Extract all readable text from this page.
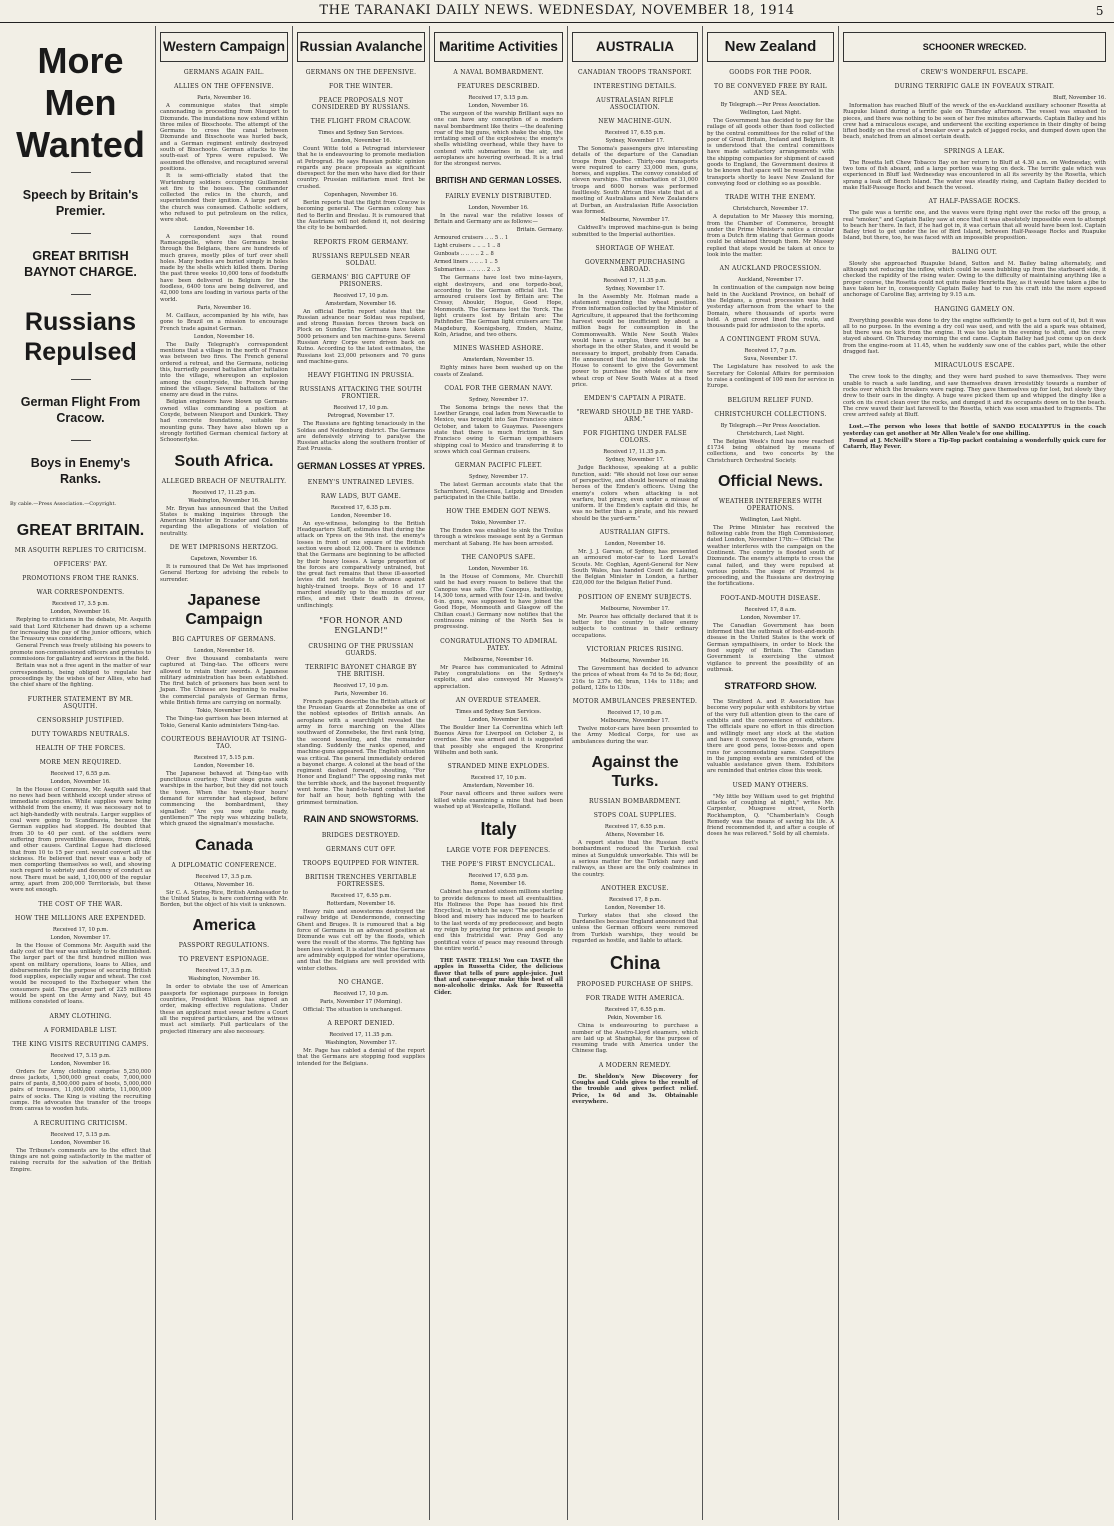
THE TARANAKI DAILY NEWS. WEDNESDAY, NOVEMBER 18, 1914	5
More Men Wanted
Speech by Britain's Premier.
GREAT BRITISH BAYNOT CHARGE.
Russians Repulsed
German Flight From Cracow.
Boys in Enemy's Ranks.
By cable.—Press Association.—Copyright.
GREAT BRITAIN.
MR ASQUITH REPLIES TO CRITICISM.
OFFICERS' PAY.
PROMOTIONS FROM THE RANKS.
WAR CORRESPONDENTS.
Received 17, 3.5 p.m.
London, November 16.

Replying to criticisms in the debate, Mr. Asquith said that Lord Kitchener had drawn up a scheme for increasing the pay of the junior officers, which the Treasury was considering.

General French was freely utilising his powers to promote non-commissioned officers and privates to commissions for gallantry and services in the field.

Britain was not a free agent in the matter of war correspondents, being obliged to regulate her proceedings by the wishes of her Allies, who had the chief share of the fighting.

FURTHER STATEMENT BY MR. ASQUITH.
CENSORSHIP JUSTIFIED.
DUTY TOWARDS NEUTRALS.
HEALTH OF THE FORCES.
MORE MEN REQUIRED.
Received 17, 6.55 p.m.
London, November 16.

In the House of Commons, Mr. Asquith said that no news had been withheld except under stress of immediate exigencies. While supplies were being withheld from the enemy, it was necessary not to act high-handedly with neutrals. Larger supplies of coal were going to Scandinavia, because the German supplies had stopped. He doubted that from 30 to 40 per cent. of the soldiers were suffering from preventible diseases, from drink, and other causes. Cardinal Logue had disclosed that from 10 to 15 per cent. would convert all the sickness. He believed that never was a body of men comporting themselves so well, and showing such regard to sobriety and decency of conduct as now. There must be said, 1,100,000 of the regular army, apart from 200,000 Territorials, but these were not enough.

THE COST OF THE WAR.
HOW THE MILLIONS ARE EXPENDED.
Received 17, 10 p.m.
London, November 17.

In the House of Commons Mr. Asquith said the daily cost of the war was unlikely to be diminished. The larger part of the first hundred million was spent on military operations, loans to Allies, and disbursements for the purpose of securing British food supplies, especially sugar and wheat. The cost would be recouped to the Exchequer when the consumers paid. The greater part of 225 millions would be spent on the Army and Navy, but 45 millions consisted of loans.

ARMY CLOTHING.
A FORMIDABLE LIST.
THE KING VISITS RECRUITING CAMPS.
Received 17, 5.15 p.m.
London, November 16.

Orders for Army clothing comprise 5,250,000 dress jackets, 1,500,000 great coats, 7,000,000 pairs of pants, 8,500,000 pairs of boots, 5,000,000 pairs of trousers, 11,000,000 shirts, 11,000,000 pairs of socks. The King is visiting the recruiting camps. He advocates the transfer of the troops from canvas to wooden huts.

A RECRUITING CRITICISM.
Received 17, 5.15 p.m.
London, November 16.

The Tribune's comments are to the effect that things are not going satisfactorily in the matter of raising recruits for the salvation of the British Empire.

Western Campaign
GERMANS AGAIN FAIL.
ALLIES ON THE OFFENSIVE.
Paris, November 16.

A communique states that simple cannonading is proceeding from Nieuport to Dixmunde. The inundations now extend within three miles of Bixschoote. The attempt of the Germans to cross the canal between Dixmunde and Bixschoote was hurled back, and a German regiment entirely destroyed south of Bixschoote. German attacks to the south-east of Ypres were repulsed. We assumed the offensive, and recaptured several positions.

It is semi-officially stated that the Wurtemburg soldiers occupying Guillemont set fire to the houses. The commander collected the relics in the church, and superintended their ignition. A large part of the church was consumed. Catholic soldiers, who refused to put petroleum on the relics, were shot.

London, November 16.

A correspondent says that round Ramscappelle, where the Germans broke through the Belgians, there are hundreds of much graves, mostly piles of turf over shell holes. Many bodies are buried simply in holes made by the shells which killed them. During the past three weeks 10,000 tons of foodstuffs have been delivered in Belgium for the foodless, 6400 tons are being delivered, and 42,000 tons are loading in various parts of the world.

Paris, November 16.

M. Caillaux, accompanied by his wife, has gone to Brazil on a mission to encourage French trade against German.

London, November 16.

The Daily Telegraph's correspondent mentions that a village in the north of France was between two fires. The French general ordered a retreat, and the Germans, noticing this, hurriedly poured battalion after battalion into the village, whereupon an explosion among the countryside, the French having mined the village. Several battalions of the enemy are dead in the ruins.

Belgian engineers have blown up German-owned villas commanding a position at Coxyde, between Nieuport and Dunkirk. They had concrete foundations, suitable for mounting guns. They have also blown up a strongly fortified German chemical factory at Schoonerlyke.

South Africa.
ALLEGED BREACH OF NEUTRALITY.
Received 17, 11.25 p.m.
Washington, November 16.

Mr. Bryan has announced that the United States is making inquiries through the American Minister in Ecuador and Colombia regarding the allegations of violation of neutrality.

DE WET IMPRISONS HERTZOG.
Capetown, November 16.

It is rumoured that De Wet has imprisoned General Hertzog for advising the rebels to surrender.

Japanese Campaign
BIG CAPTURES OF GERMANS.
London, November 16.

Over five thousand combatants were captured at Tsing-tao. The officers were allowed to retain their swords. A Japanese military administration has been established. The first batch of prisoners has been sent to Japan. The Chinese are beginning to realise the commercial paralysis of German firms, while British firms are carrying on normally.

Tokio, November 16.

The Tsing-tao garrison has been interned at Tokio, General Kanio administers Tsing-tao.

COURTEOUS BEHAVIOUR AT TSING-TAO.
Received 17, 5.15 p.m.
London, November 16.

The Japanese behaved at Tsing-tao with punctilious courtesy. Their siege guns sank warships in the harbor, but they did not touch the town. When the twenty-four hours' demand for surrender had elapsed, before commencing the bombardment, they signalled: "Are you now quite ready, gentlemen?" The reply was whizzing bullets, which grazed the signalman's moustache.

Canada
A DIPLOMATIC CONFERENCE.
Received 17, 3.5 p.m.
Ottawa, November 16.

Sir C. A. Spring-Rice, British Ambassador to the United States, is here conferring with Mr. Borden, but the object of his visit is unknown.

America
PASSPORT REGULATIONS.
TO PREVENT ESPIONAGE.
Received 17, 3.5 p.m.
Washington, November 16.

In order to obviate the use of American passports for espionage purposes in foreign countries, President Wilson has signed an order, making effective regulations. Under these an applicant must swear before a Court all the required particulars, and the witness must act similarly. Full particulars of the projected itinerary are also necessary.

Russian Avalanche
GERMANS ON THE DEFENSIVE.
FOR THE WINTER.
PEACE PROPOSALS NOT CONSIDERED BY RUSSIANS.
THE FLIGHT FROM CRACOW.
Times and Sydney Sun Services.
London, November 16.

Count Witte told a Petrograd interviewer that he is endeavouring to promote mediation at Petrograd. He says Russian public opinion regards any peace proposals as significant disrespect for the men who have died for their country. Prussian militarism must first be crushed.

Copenhagen, November 16.

Berlin reports that the flight from Cracow is becoming general. The German colony has fled to Berlin and Breslau. It is rumoured that the Austrians will not defend it, not desiring the city to be bombarded.

REPORTS FROM GERMANY.
RUSSIANS REPULSED NEAR SOLDAU.
GERMANS' BIG CAPTURE OF PRISONERS.
Received 17, 10 p.m.
Amsterdam, November 16.

An official Berlin report states that the Russian advance near Soldau was repulsed, and strong Russian forces thrown back on Plock on Sunday. The Germans have taken 5000 prisoners and ten machine-guns. Several Russian Army Corps were driven back on Kutno. According to the latest estimates, the Russians lost 23,000 prisoners and 70 guns and machine-guns.

HEAVY FIGHTING IN PRUSSIA.
RUSSIANS ATTACKING THE SOUTH FRONTIER.
Received 17, 10 p.m.
Petrograd, November 17.

The Russians are fighting tenaciously in the Soldau and Neidenburg district. The Germans are defensively striving to paralyse the Russian attacks along the southern frontier of East Prussia.

GERMAN LOSSES AT YPRES.
ENEMY'S UNTRAINED LEVIES.
RAW LADS, BUT GAME.
Received 17, 6.35 p.m.
London, November 16.

An eye-witness, belonging to the British Headquarters Staff, estimates that during the attack on Ypres on the 9th inst. the enemy's losses in front of one square of the British section were about 12,000. There is evidence that the Germans are beginning to be affected by their heavy losses. A large proportion of the forces are comparatively untrained, but the great fact remains that these ill-assorted levies did not hesitate to advance against highly-trained troops. Boys of 16 and 17 marched steadily up to the muzzles of our rifles, and met their death in droves, unflinchingly.

"FOR HONOR AND ENGLAND!"
CRUSHING OF THE PRUSSIAN GUARDS.
TERRIFIC BAYONET CHARGE BY THE BRITISH.
Received 17, 10 p.m.
Paris, November 16.

French papers describe the British attack of the Prussian Guards at Zonnebeke as one of the noblest episodes of British annals. An aeroplane with a searchlight revealed the army in force marching on the Allies southward of Zonnebeke, the first rank lying, the second kneeling, and the remainder standing. Suddenly the ranks opened, and machine-guns appeared. The English situation was critical. The general immediately ordered a bayonet charge. A colonel at the head of the regiment dashed forward, shouting, "For Honor and England!" The opposing ranks met the terrible shock, and the bayonet frequently went home. The hand-to-hand combat lasted for half an hour, both fighting with the grimmest termination.

RAIN AND SNOWSTORMS.
BRIDGES DESTROYED.
GERMANS CUT OFF.
TROOPS EQUIPPED FOR WINTER.
BRITISH TRENCHES VERITABLE FORTRESSES.
Received 17, 6.55 p.m.
Rotterdam, November 16.

Heavy rain and snowstorms destroyed the railway bridge at Dendermonde, connecting Ghent and Bruges. It is rumoured that a big force of Germans in an advanced position at Dixmunde was cut off by the floods, which were the result of the storms. The fighting has been less violent. It is stated that the Germans are admirably equipped for winter operations, and that the Belgians are well provided with winter clothes.

NO CHANGE.
Received 17, 10 p.m.
Paris, November 17 (Morning).

Official: The situation is unchanged.

A REPORT DENIED.
Received 17, 11.35 p.m.
Washington, November 17.

Mr. Page has cabled a denial of the report that the Germans are stopping food supplies intended for the Belgians.

Maritime Activities
A NAVAL BOMBARDMENT.
FEATURES DESCRIBED.
Received 17, 5.15 p.m.
London, November 16.

The surgeon of the warship Brilliant says no one can have any conception of a modern naval bombardment like theirs —the deafening roar of the big guns, which shake the ship, the irritating smell of the explosives; the enemy's shells whistling overhead, while they have to contend with submarines in the air, and aeroplanes are hovering overhead. It is a trial for the strongest nerves.

BRITISH AND GERMAN LOSSES.
FAIRLY EVENLY DISTRIBUTED.
London, November 16.

In the naval war the relative losses of Britain and Germany are as follows:—

Britain. Germany.
Armoured cruisers .. .. 5 .. 1
Light cruisers .. .. .. 1 .. 8
Gunboats .. .. .. .. 2 .. 8
Armed liners .. .. .. 1 .. 5
Submarines .. .. .. .. 2 .. 3

The Germans have lost two mine-layers, eight destroyers, and one torpedo-boat, according to the German official list. The armoured cruisers lost by Britain are: The Cressy, Aboukir, Hogue, Good Hope, Monmouth. The Germans lost the Yorck. The light cruisers lost by Britain are: The Pathfinder. The German light cruisers are: The Magdeburg, Koenigsberg, Emden, Mainz, Koln, Ariadne, and two others.

MINES WASHED ASHORE.
Amsterdam, November 15.

Eighty mines have been washed up on the coasts of Zealand.

COAL FOR THE GERMAN NAVY.
Sydney, November 17.

The Sonoma brings the news that the Lowther Grange, coal laden from Newcastle to Mexico, was brought into San Francisco since October, and taken to Guaymas. Passengers state that there is much friction in San Francisco owing to German sympathisers shipping coal to Mexico and transferring it to scows which coal German cruisers.

GERMAN PACIFIC FLEET.
Sydney, November 17.

The latest German accounts state that the Scharnhorst, Gneisenau, Leipzig and Dresden participated in the Chile battle.

HOW THE EMDEN GOT NEWS.
Tokio, November 17.

The Emden was enabled to sink the Troilus through a wireless message sent by a German merchant at Sabang. He has been arrested.

THE CANOPUS SAFE.
London, November 16.

In the House of Commons, Mr. Churchill said he had every reason to believe that the Canopus was safe. (The Canopus, battleship, 14,300 tons, armed with four 12-in. and twelve 6-in. guns, was supposed to have joined the Good Hope, Monmouth and Glasgow off the Chilian coast.) Germany now notifies that the continuous mining of the North Sea is progressing.

CONGRATULATIONS TO ADMIRAL PATEY.
Melbourne, November 16.

Mr Pearce has communicated to Admiral Patey congratulations on the Sydney's exploits, and also conveyed Mr Massey's appreciation.

AN OVERDUE STEAMER.
Times and Sydney Sun Services.
London, November 16.

The Boulder liner La Correntina which left Buenos Aires for Liverpool on October 2, is overdue. She was armed and it is suggested that possibly she engaged the Kronprinz Wilhelm and both sank.

STRANDED MINE EXPLODES.
Received 17, 10 p.m.
Amsterdam, November 16.

Four naval officers and three sailors were killed while examining a mine that had been washed up at Westcapelle, Holland.

Italy
LARGE VOTE FOR DEFENCES.
THE POPE'S FIRST ENCYCLICAL.
Received 17, 6.55 p.m.
Rome, November 16.

Cabinet has granted sixteen millions sterling to provide defences to meet all eventualities. His Holiness the Pope has issued his first Encyclical, in which he says: "The spectacle of blood and misery has induced me to hearken to the last words of my predecessor, and begin my reign by praying for princes and people to end this fratricidal war. Pray God any pontifical voice of peace may resound through the entire world."

THE TASTE TELLS! You can TASTE the apples in Russetta Cider, the delicious flavor that tells of pure apple-juice. Just that and cane-sugar make this best of all non-alcoholic drinks. Ask for Russetta Cider.

AUSTRALIA
CANADIAN TROOPS TRANSPORT.
INTERESTING DETAILS.
AUSTRALASIAN RIFLE ASSOCIATION.
NEW MACHINE-GUN.
Received 17, 6.55 p.m.
Sydney, November 17.

The Sonoma's passengers give interesting details of the departure of the Canadian troops from Quebec. Thirty-one transports were required to carry 33,000 men, guns, horses, and supplies. The convoy consisted of eleven warships. The embarkation of 31,000 troops and 6000 horses was performed faultlessly. South African files state that at a meeting of Australians and New Zealanders at Durban, an Australasian Rifle Association was formed.

Melbourne, November 17.

Caldwell's improved machine-gun is being submitted to the Imperial authorities.

SHORTAGE OF WHEAT.
GOVERNMENT PURCHASING ABROAD.
Received 17, 11.35 p.m.
Sydney, November 17.

In the Assembly Mr. Holman made a statement regarding the wheat position. From information collected by the Minister of Agriculture, it appeared that the forthcoming harvest would be insufficient by about a million bags for consumption in the Commonwealth. While New South Wales would have a surplus, there would be a shortage in the other States, and it would be necessary to import, probably from Canada. He announced that he intended to ask the House to consent to give the Government power to purchase the whole of the new wheat crop of New South Wales at a fixed price.

EMDEN'S CAPTAIN A PIRATE.
"REWARD SHOULD BE THE YARD-ARM."
FOR FIGHTING UNDER FALSE COLORS.
Received 17, 11.35 p.m.
Sydney, November 17.

Judge Backhouse, speaking at a public function, said: "We should not lose our sense of perspective, and should beware of making heroes of the Emden's officers. Using the enemy's colors when attacking is not warfare, but piracy, even under a misuse of uniform. If the Emden's captain did this, he was no better than a pirate, and his reward should be the yard-arm."

AUSTRALIAN GIFTS.
London, November 16.

Mr. J. J. Garvan, of Sydney, has presented an armoured motor-car to Lord Lovat's Scouts. Mr. Coghlan, Agent-General for New South Wales, has handed Count de Lalaing, the Belgian Minister in London, a further £20,000 for the Belgian Relief Fund.

POSITION OF ENEMY SUBJECTS.
Melbourne, November 17.

Mr. Pearce has officially declared that it is better for the country to allow enemy subjects to continue in their ordinary occupations.

VICTORIAN PRICES RISING.
Melbourne, November 16.

The Government has decided to advance the prices of wheat from 4s 7d to 5s 6d; flour, 216s to 237s 6d; bran, 114s to 118s; and pollard, 126s to 130s.

MOTOR AMBULANCES PRESENTED.
Received 17, 10 p.m.
Melbourne, November 17.

Twelve motor-cars have been presented to the Army Medical Corps, for use as ambulances during the war.

Against the Turks.
RUSSIAN BOMBARDMENT.
STOPS COAL SUPPLIES.
Received 17, 6.55 p.m.
Athens, November 16.

A report states that the Russian fleet's bombardment reduced the Turkish coal mines at Sungulduk unworkable. This will be a serious matter for the Turkish navy and railways, as these are the only coalmines in the country.

ANOTHER EXCUSE.
Received 17, 8 p.m.
London, November 16.

Turkey states that she closed the Dardanelles because England announced that unless the German officers were removed from Turkish warships, they would be regarded as hostile, and liable to attack.

China
PROPOSED PURCHASE OF SHIPS.
FOR TRADE WITH AMERICA.
Received 17, 6.55 p.m.
Pekin, November 16.

China is endeavouring to purchase a number of the Austro-Lloyd steamers, which are laid up at Shanghai, for the purpose of resuming trade with America under the Chinese flag.

A MODERN REMEDY.

Dr. Sheldon's New Discovery for Coughs and Colds gives to the result of the trouble and gives perfect relief. Price, 1s 6d and 3s. Obtainable everywhere.

New Zealand
GOODS FOR THE POOR.
TO BE CONVEYED FREE BY RAIL AND SEA.
By Telegraph.—Per Press Association.
Wellington, Last Night.

The Government has decided to pay for the railage of all goods other than food collected by the central committees for the relief of the poor of Great Britain, Ireland and Belgium. It is understood that the central committees have made satisfactory arrangements with the shipping companies for shipment of cased goods to England, the Government desires it to be known that space will be reserved in the transports shortly to leave New Zealand for conveying food or clothing so as possible.

TRADE WITH THE ENEMY.
Christchurch, November 17.

A deputation to Mr Massey this morning, from the Chamber of Commerce, brought under the Prime Minister's notice a circular from a Dutch firm stating that German goods could be obtained through them. Mr Massey replied that steps would be taken at once to look into the matter.

AN AUCKLAND PROCESSION.
Auckland, November 17.

In continuation of the campaign now being held in the Auckland Province, on behalf of the Belgians, a great procession was held yesterday afternoon from the wharf to the Domain, where thousands of sports were held. A great crowd lined the route, and thousands paid for admission to the sports.

A CONTINGENT FROM SUVA.
Received 17, 7 p.m.
Suva, November 17.

The Legislature has resolved to ask the Secretary for Colonial Affairs for permission to raise a contingent of 100 men for service in Europe.

BELGIUM RELIEF FUND.
CHRISTCHURCH COLLECTIONS.
By Telegraph.—Per Press Association.
Christchurch, Last Night.

The Belgian Week's fund has now reached £1734 being obtained by means of collections, and two concerts by the Christchurch Orchestral Society.

Official News.
WEATHER INTERFERES WITH OPERATIONS.
Wellington, Last Night.

The Prime Minister has received the following cable from the High Commissioner, dated London, November 17th:— Official: The weather interferes with the campaign on the Continent. The country is flooded south of Dixmunde. The enemy's attempts to cross the canal failed, and they were repulsed at various points. The siege of Przemysl is proceeding, and the Russians are destroying the fortifications.

FOOT-AND-MOUTH DISEASE.
Received 17, 8 a.m.
London, November 17.

The Canadian Government has been informed that the outbreak of foot-and-mouth disease in the United States is the work of German sympathisers, in order to block the food supply of Britain. The Canadian Government is exercising the utmost vigilance to prevent the possibility of an outbreak.

STRATFORD SHOW.

The Stratford A. and P. Association has become very popular with exhibitors by virtue of the very full attention given to the care of exhibits and the convenience of exhibitors. The officials spare no effort in this direction and willingly meet any stock at the station and have it conveyed to the grounds, where there are good pens, loose-boxes and open runs for accommodating same. Competitors in the jumping events are reminded of the valuable assistance given them. Exhibitors are reminded that entries close this week.

USED MANY OTHERS.

"My little boy William used to get frightful attacks of coughing at night," writes Mr. Carpenter, Musgrave street, North Rockhampton, Q. "Chamberlain's Cough Remedy was the means of saving his life. A friend recommended it, and after a couple of doses he was relieved." Sold by all chemists.

SCHOONER WRECKED.
CREW'S WONDERFUL ESCAPE.
DURING TERRIFIC GALE IN FOVEAUX STRAIT.
Bluff, November 16.

Information has reached Bluff of the wreck of the ex-Auckland auxiliary schooner Rosetta at Ruapuke Island during a terrific gale on Thursday afternoon. The vessel was smashed to pieces, and there was nothing to be seen of her five minutes afterwards. Captain Bailey and his crew had a miraculous escape, and underwent the exciting experience in their dinghy of being lifted bodily on the crest of a breaker over a patch of jagged rocks, and dumped down upon the beach, snatched from an almost certain death.

SPRINGS A LEAK.

The Rosetta left Chew Tobacco Bay on her return to Bluff at 4.30 a.m. on Wednesday, with two tons of fish aboard, and a large portion was lying on deck. The terrific gale which was experienced in Bluff last Wednesday was encountered in all its severity by the Rosetta, which sprang a leak off Bench Island. The water was steadily rising, and Captain Bailey decided to make Half-Passage Rocks and beach the vessel.

AT HALF-PASSAGE ROCKS.

The gale was a terrific one, and the waves were flying right over the rocks off the group, a real "smoker," and Captain Bailey saw at once that it was absolutely impossible even to attempt to beach her there. In fact, if he had got in, it was certain that all would have been lost. Captain Bailey tried to get under the lee of Bird Island, between Half-Passage Rocks and Ruapuke Island, but there, too, he was faced with an impossible proposition.

BALING OUT.

Slowly she approached Ruapuke Island, Sutton and M. Bailey baling alternately, and although not reducing the inflow, which could be seen bubbling up from the starboard side, it checked the rapidity of the rising water. Owing to the difficulty of maintaining anything like a proper course, the Rosetta could not quite make Henrietta Bay, as it would have taken a jibe to have taken her in, consequently Captain Bailey had to run his craft into the more exposed anchorage of Caroline Bay, arriving by 9.15 a.m.

HANGING GAMELY ON.

Everything possible was done to dry the engine sufficiently to get a turn out of it, but it was all to no purpose. In the evening a dry coil was used, and with the aid a spark was obtained, but there was no kick from the engine. It was too late in the evening to shift, and the crew stayed aboard. On Thursday morning the end came. Captain Bailey had just come up on deck from the engine-room at 11.45, when he suddenly saw one of the cables part, while the other dragged fast.

MIRACULOUS ESCAPE.

The crew took to the dinghy, and they were hard pushed to save themselves. They were unable to reach a safe landing, and saw themselves drawn irresistibly towards a number of rocks over which the breakers were raging. They gave themselves up for lost, but slowly they drew to their oars in the dinghy. A huge wave picked them up and whipped the dinghy like a cork on its crest clean over the rocks, and dumped it and its occupants down on to the beach. The crew waved their last farewell to the Rosetta, which was soon smashed to fragments. The crew arrived safely at Bluff.

Lost.—The person who loses that bottle of SANDO EUCALYPTUS in the coach yesterday can get another at Mr Allen Veale's for one shilling.

Found at J. McNeill's Store a Tip-Top packet containing a wonderfully quick cure for Catarrh, Hay Fever.
